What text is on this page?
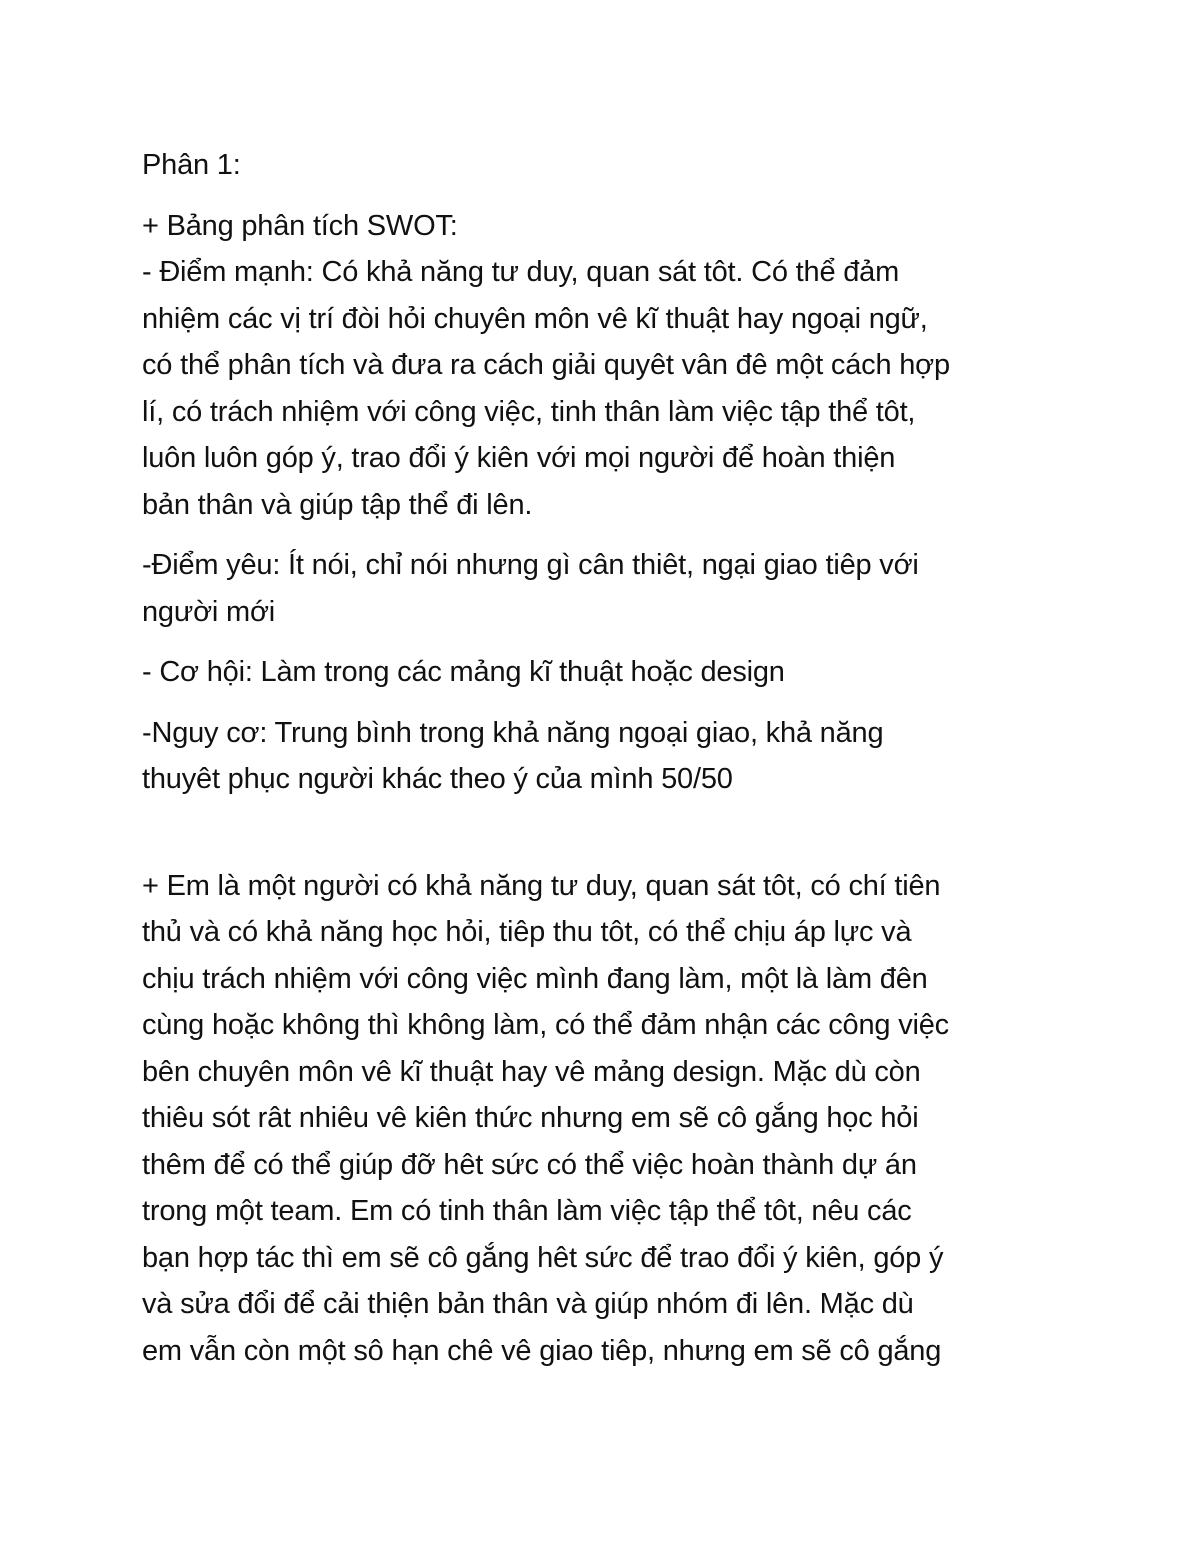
Phân 1:

+ Bảng phân tích SWOT:

- Điểm mạnh: Có khả năng tư duy, quan sát tôt. Có thể đảm

nhiệm các vị trí đòi hỏi chuyên môn vê kĩ thuật hay ngoại ngữ,

có thể phân tích và đưa ra cách giải quyêt vân đê một cách hợp

lí, có trách nhiệm với công việc, tinh thân làm việc tập thể tôt,

luôn luôn góp ý, trao đổi ý kiên với mọi người để hoàn thiện

bản thân và giúp tập thể đi lên.

-Điểm yêu: Ít nói, chỉ nói nhưng gì cân thiêt, ngại giao tiêp với

người mới

- Cơ hội: Làm trong các mảng kĩ thuật hoặc design

-Nguy cơ: Trung bình trong khả năng ngoại giao, khả năng

thuyêt phục người khác theo ý của mình 50/50

+ Em là một người có khả năng tư duy, quan sát tôt, có chí tiên

thủ và có khả năng học hỏi, tiêp thu tôt, có thể chịu áp lực và

chịu trách nhiệm với công việc mình đang làm, một là làm đên

cùng hoặc không thì không làm, có thể đảm nhận các công việc

bên chuyên môn vê kĩ thuật hay vê mảng design. Mặc dù còn

thiêu sót rât nhiêu vê kiên thức nhưng em sẽ cô gắng học hỏi

thêm để có thể giúp đỡ hêt sức có thể việc hoàn thành dự án

trong một team. Em có tinh thân làm việc tập thể tôt, nêu các

bạn hợp tác thì em sẽ cô gắng hêt sức để trao đổi ý kiên, góp ý

và sửa đổi để cải thiện bản thân và giúp nhóm đi lên. Mặc dù

em vẫn còn một sô hạn chê vê giao tiêp, nhưng em sẽ cô gắng
